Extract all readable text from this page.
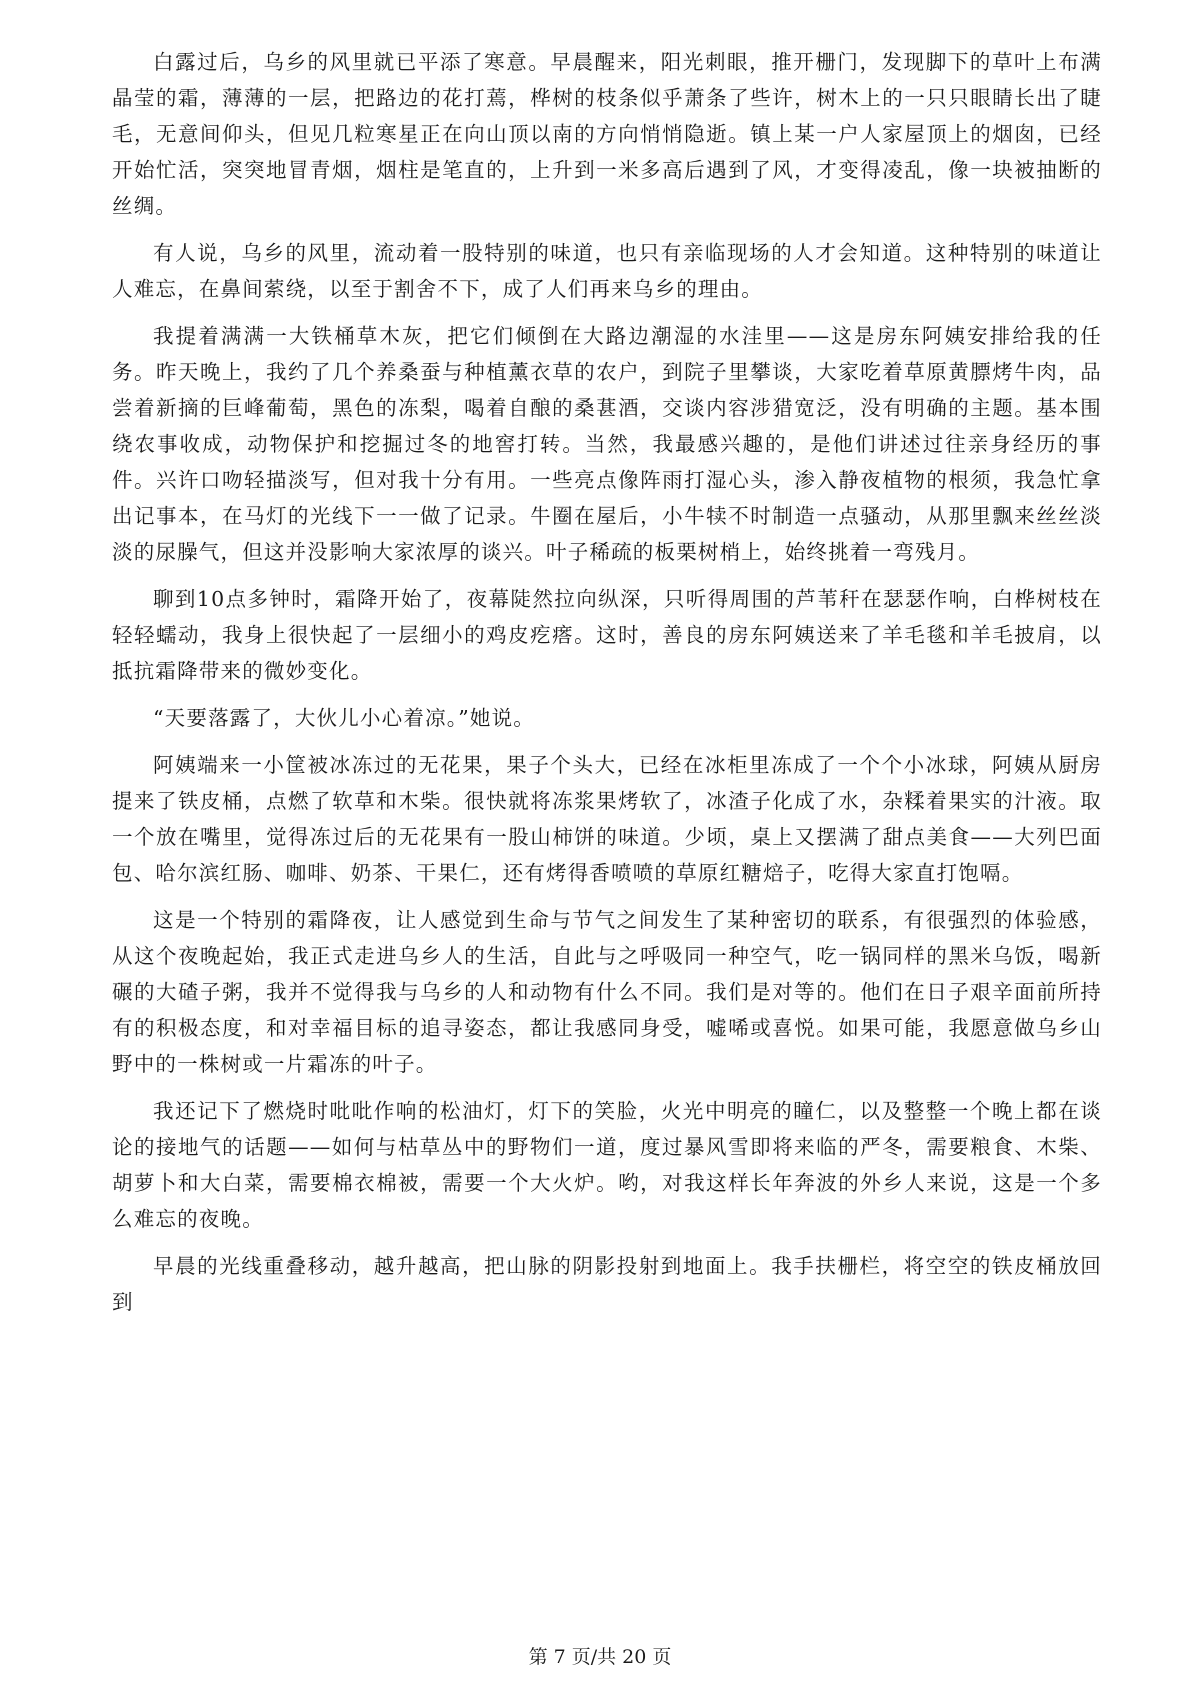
白露过后，乌乡的风里就已平添了寒意。早晨醒来，阳光刺眼，推开栅门，发现脚下的草叶上布满晶莹的霜，薄薄的一层，把路边的花打蔫，桦树的枝条似乎萧条了些许，树木上的一只只眼睛长出了睫毛，无意间仰头，但见几粒寒星正在向山顶以南的方向悄悄隐逝。镇上某一户人家屋顶上的烟囱，已经开始忙活，突突地冒青烟，烟柱是笔直的，上升到一米多高后遇到了风，才变得凌乱，像一块被抽断的丝绸。

有人说，乌乡的风里，流动着一股特别的味道，也只有亲临现场的人才会知道。这种特别的味道让人难忘，在鼻间萦绕，以至于割舍不下，成了人们再来乌乡的理由。

我提着满满一大铁桶草木灰，把它们倾倒在大路边潮湿的水洼里——这是房东阿姨安排给我的任务。昨天晚上，我约了几个养桑蚕与种植薰衣草的农户，到院子里攀谈，大家吃着草原黄膘烤牛肉，品尝着新摘的巨峰葡萄，黑色的冻梨，喝着自酿的桑葚酒，交谈内容涉猎宽泛，没有明确的主题。基本围绕农事收成，动物保护和挖掘过冬的地窖打转。当然，我最感兴趣的，是他们讲述过往亲身经历的事件。兴许口吻轻描淡写，但对我十分有用。一些亮点像阵雨打湿心头，渗入静夜植物的根须，我急忙拿出记事本，在马灯的光线下一一做了记录。牛圈在屋后，小牛犊不时制造一点骚动，从那里飘来丝丝淡淡的尿臊气，但这并没影响大家浓厚的谈兴。叶子稀疏的板栗树梢上，始终挑着一弯残月。

聊到10点多钟时，霜降开始了，夜幕陡然拉向纵深，只听得周围的芦苇秆在瑟瑟作响，白桦树枝在轻轻蠕动，我身上很快起了一层细小的鸡皮疙瘩。这时，善良的房东阿姨送来了羊毛毯和羊毛披肩，以抵抗霜降带来的微妙变化。

“天要落露了，大伙儿小心着凉。”她说。

阿姨端来一小筐被冰冻过的无花果，果子个头大，已经在冰柜里冻成了一个个小冰球，阿姨从厨房提来了铁皮桶，点燃了软草和木柴。很快就将冻浆果烤软了，冰渣子化成了水，杂糅着果实的汁液。取一个放在嘴里，觉得冻过后的无花果有一股山柿饼的味道。少顷，桌上又摆满了甜点美食——大列巴面包、哈尔滨红肠、咖啡、奶茶、干果仁，还有烤得香喷喷的草原红糖焙子，吃得大家直打饱嗝。

这是一个特别的霜降夜，让人感觉到生命与节气之间发生了某种密切的联系，有很强烈的体验感，从这个夜晚起始，我正式走进乌乡人的生活，自此与之呼吸同一种空气，吃一锅同样的黑米乌饭，喝新碾的大碴子粥，我并不觉得我与乌乡的人和动物有什么不同。我们是对等的。他们在日子艰辛面前所持有的积极态度，和对幸福目标的追寻姿态，都让我感同身受，嘘唏或喜悦。如果可能，我愿意做乌乡山野中的一株树或一片霜冻的叶子。

我还记下了燃烧时吡吡作响的松油灯，灯下的笑脸，火光中明亮的瞳仁，以及整整一个晚上都在谈论的接地气的话题——如何与枯草丛中的野物们一道，度过暴风雪即将来临的严冬，需要粮食、木柴、胡萝卜和大白菜，需要棉衣棉被，需要一个大火炉。哟，对我这样长年奔波的外乡人来说，这是一个多么难忘的夜晚。

早晨的光线重叠移动，越升越高，把山脉的阴影投射到地面上。我手扶栅栏，将空空的铁皮桶放回到

第 7 页/共 20 页
